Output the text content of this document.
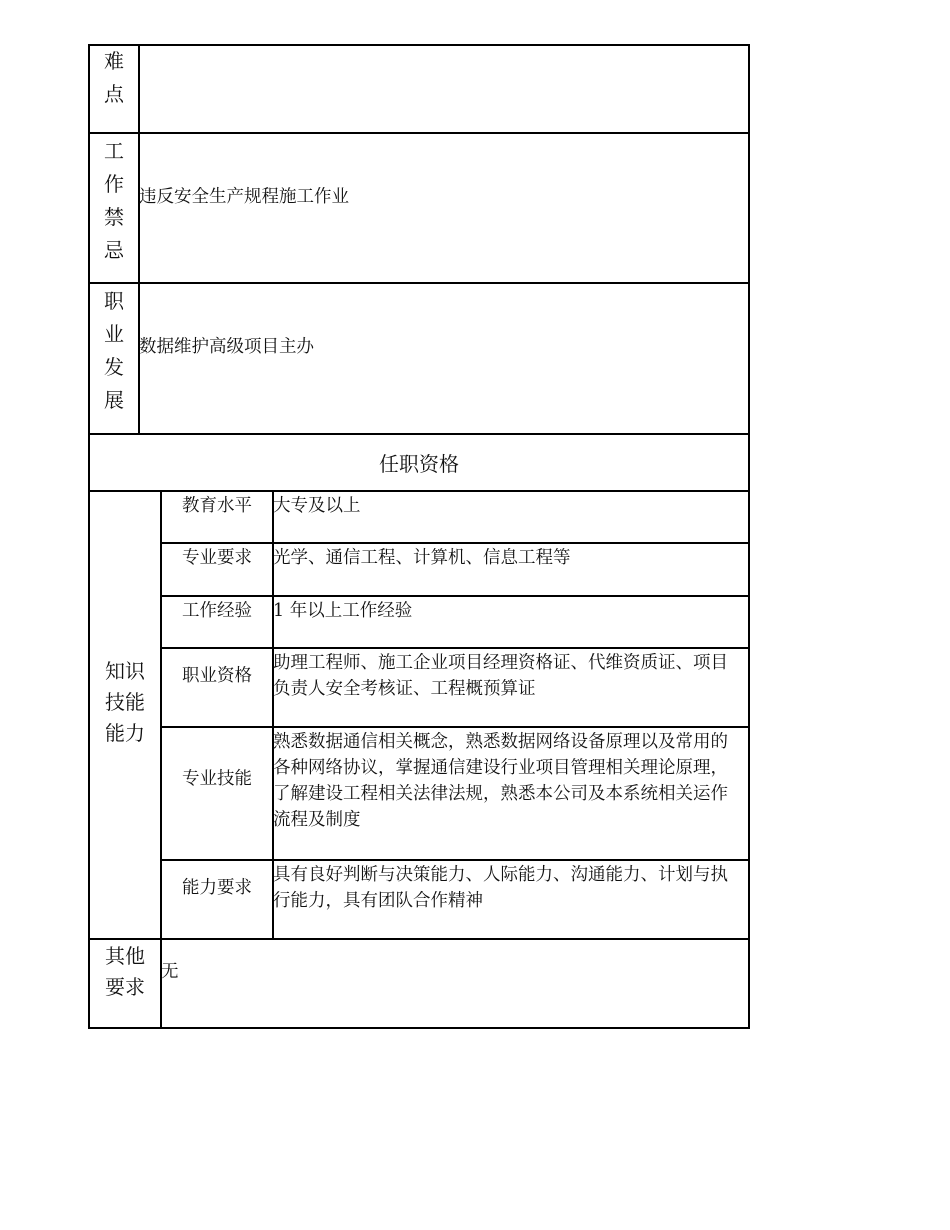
难点
工作禁忌
违反安全生产规程施工作业
职业发展
数据维护高级项目主办
任职资格
知识技能能力
教育水平 大专及以上
专业要求 光学、通信工程、计算机、信息工程等
工作经验 1 年以上工作经验
职业资格
助理工程师、施工企业项目经理资格证、代维资质证、项目负责人安全考核证、工程概预算证
专业技能
熟悉数据通信相关概念，熟悉数据网络设备原理以及常用的各种网络协议，掌握通信建设行业项目管理相关理论原理，了解建设工程相关法律法规，熟悉本公司及本系统相关运作流程及制度
能力要求
具有良好判断与决策能力、人际能力、沟通能力、计划与执行能力，具有团队合作精神
其他要求
无
